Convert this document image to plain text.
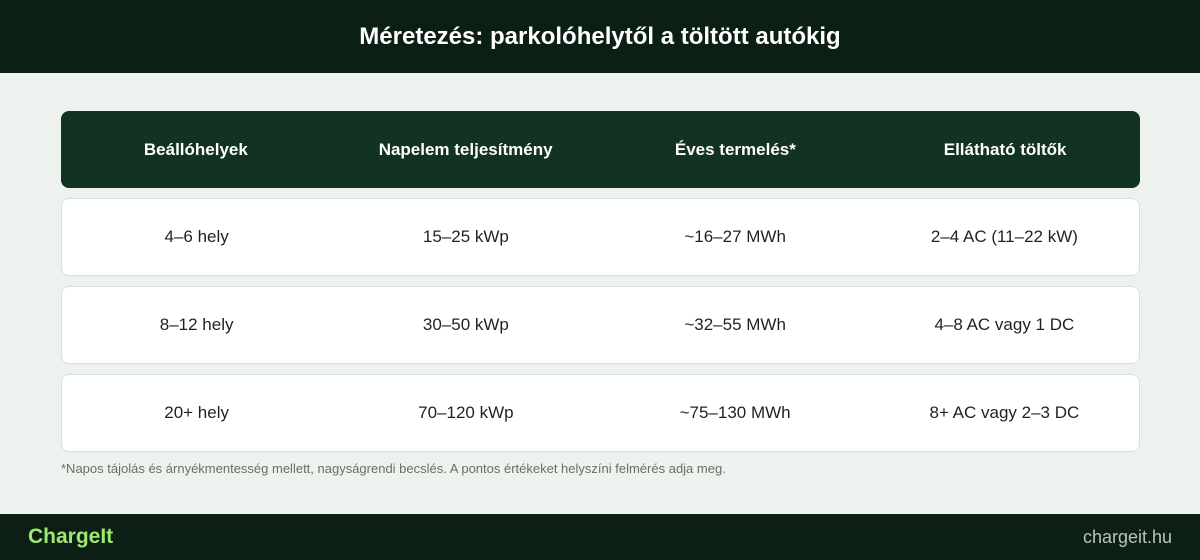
Méretezés: parkolóhelytől a töltött autókig
Beállóhelyek	Napelem teljesítmény	Éves termelés*	Ellátható töltők
4–6 hely	15–25 kWp	~16–27 MWh	2–4 AC (11–22 kW)
8–12 hely	30–50 kWp	~32–55 MWh	4–8 AC vagy 1 DC
20+ hely	70–120 kWp	~75–130 MWh	8+ AC vagy 2–3 DC

*Napos tájolás és árnyékmentesség mellett, nagyságrendi becslés. A pontos értékeket helyszíni felmérés adja meg.

ChargeIt	chargeit.hu
